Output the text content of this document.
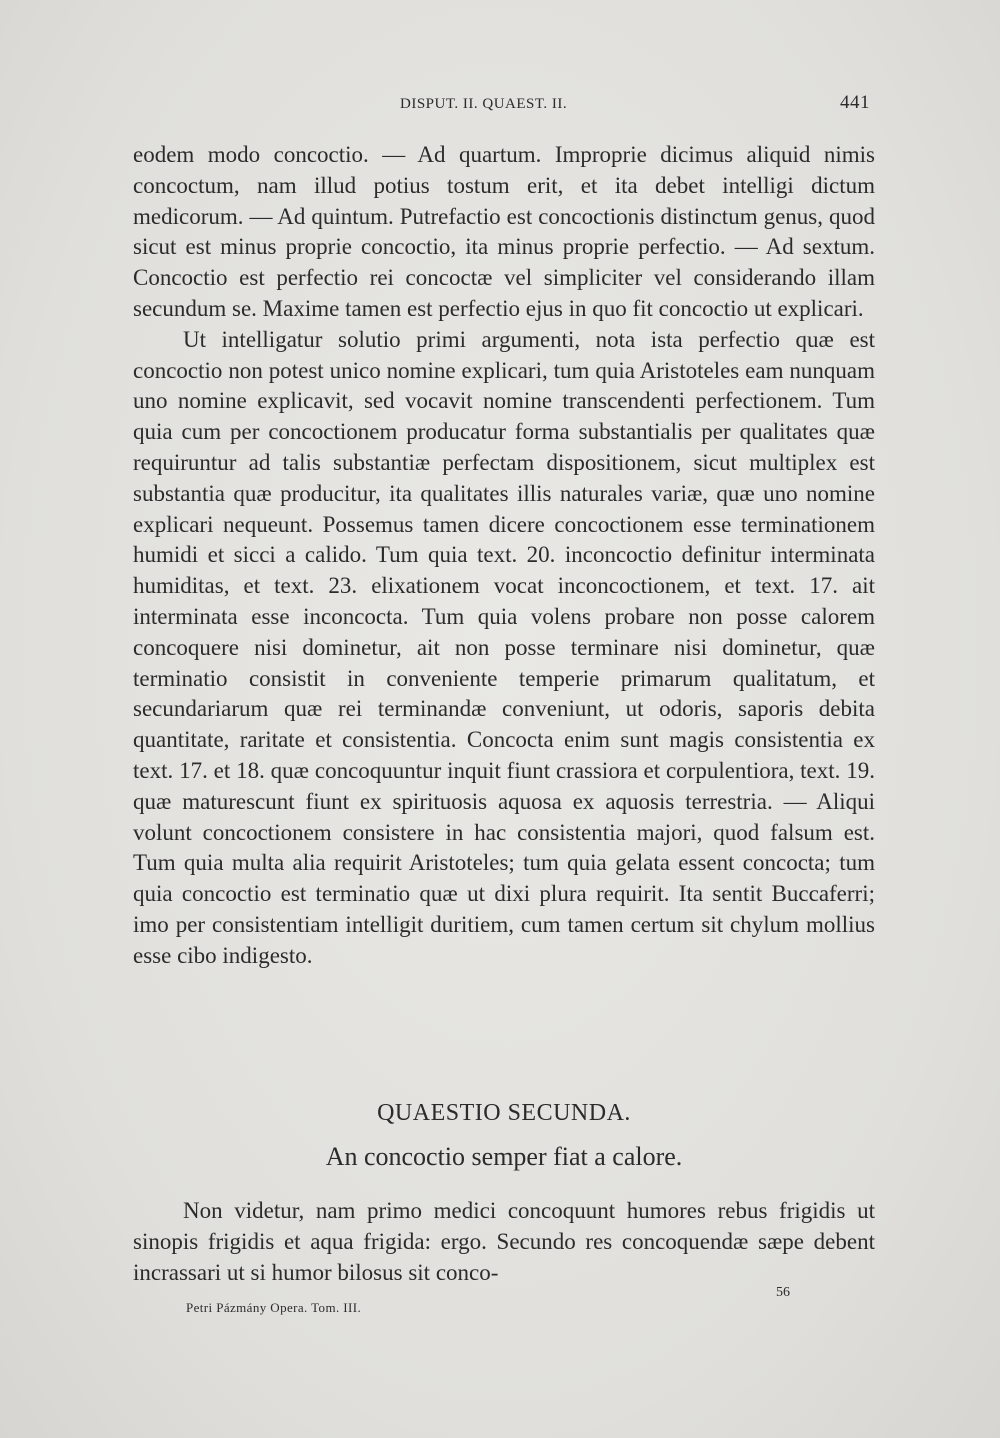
DISPUT. II. QUAEST. II.	441

eodem modo concoctio. — Ad quartum. Improprie dicimus aliquid nimis concoctum, nam illud potius tostum erit, et ita debet intelligi dictum medicorum. — Ad quintum. Putrefactio est concoctionis distinctum genus, quod sicut est minus proprie concoctio, ita minus proprie perfectio. — Ad sextum. Concoctio est perfectio rei concoctæ vel simpliciter vel considerando illam secundum se. Maxime tamen est perfectio ejus in quo fit concoctio ut explicari.

Ut intelligatur solutio primi argumenti, nota ista perfectio quæ est concoctio non potest unico nomine explicari, tum quia Aristoteles eam nunquam uno nomine explicavit, sed vocavit nomine transcendenti perfectionem. Tum quia cum per concoctionem producatur forma substantialis per qualitates quæ requiruntur ad talis substantiæ perfectam dispositionem, sicut multiplex est substantia quæ producitur, ita qualitates illis naturales variæ, quæ uno nomine explicari nequeunt. Possemus tamen dicere concoctionem esse terminationem humidi et sicci a calido. Tum quia text. 20. inconcoctio definitur interminata humiditas, et text. 23. elixationem vocat inconcoctionem, et text. 17. ait interminata esse inconcocta. Tum quia volens probare non posse calorem concoquere nisi dominetur, ait non posse terminare nisi dominetur, quæ terminatio consistit in conveniente temperie primarum qualitatum, et secundariarum quæ rei terminandæ conveniunt, ut odoris, saporis debita quantitate, raritate et consistentia. Concocta enim sunt magis consistentia ex text. 17. et 18. quæ concoquuntur inquit fiunt crassiora et corpulentiora, text. 19. quæ maturescunt fiunt ex spirituosis aquosa ex aquosis terrestria. — Aliqui volunt concoctionem consistere in hac consistentia majori, quod falsum est. Tum quia multa alia requirit Aristoteles; tum quia gelata essent concocta; tum quia concoctio est terminatio quæ ut dixi plura requirit. Ita sentit Buccaferri; imo per consistentiam intelligit duritiem, cum tamen certum sit chylum mollius esse cibo indigesto.

QUAESTIO SECUNDA.
An concoctio semper fiat a calore.

Non videtur, nam primo medici concoquunt humores rebus frigidis ut sinopis frigidis et aqua frigida: ergo. Secundo res concoquendæ sæpe debent incrassari ut si humor bilosus sit conco-

Petri Pázmány Opera. Tom. III.
56
